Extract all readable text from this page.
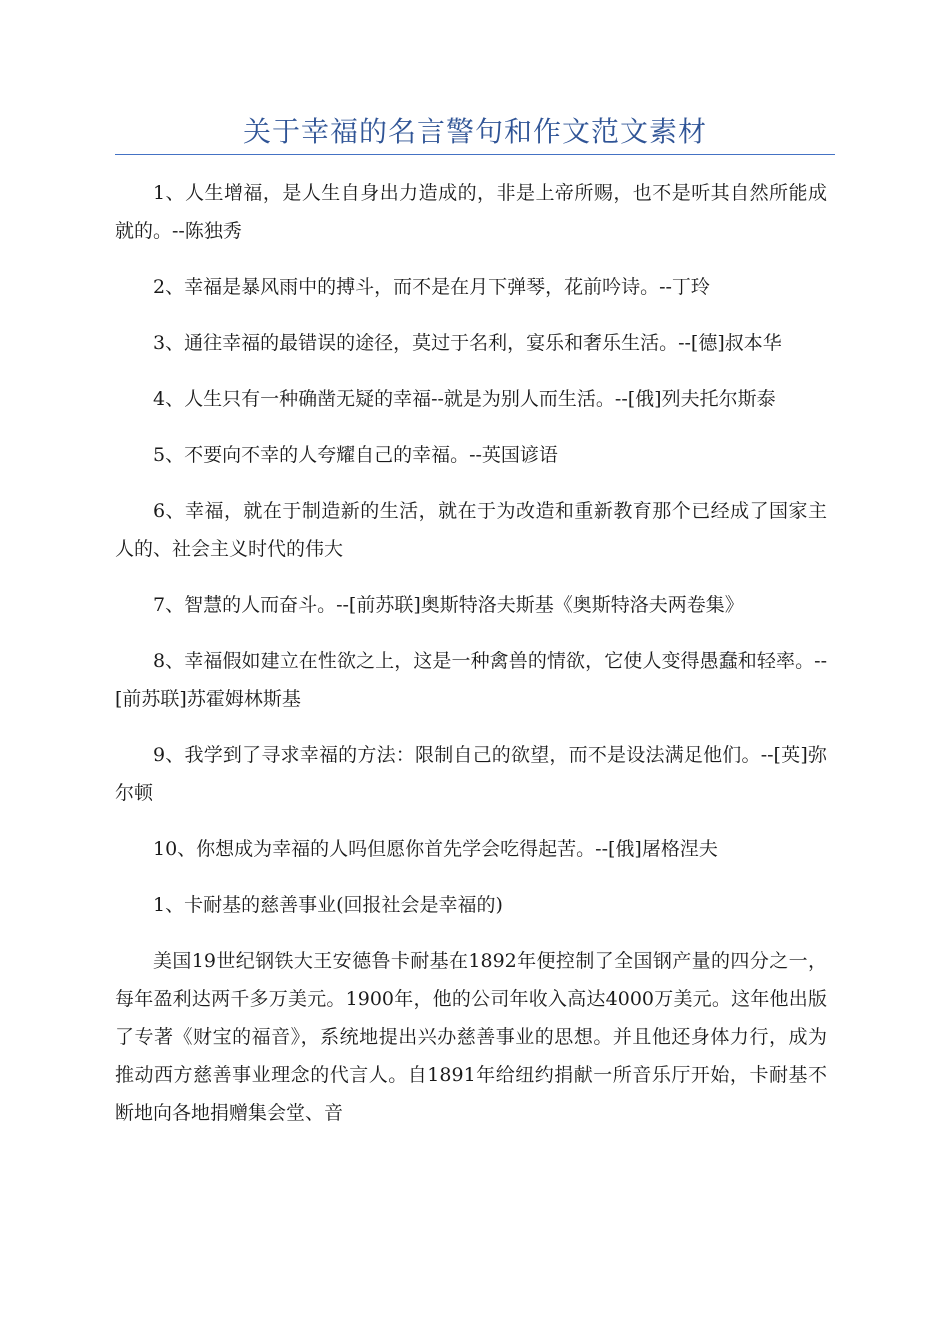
关于幸福的名言警句和作文范文素材

1、人生增福，是人生自身出力造成的，非是上帝所赐，也不是听其自然所能成就的。--陈独秀

2、幸福是暴风雨中的搏斗，而不是在月下弹琴，花前吟诗。--丁玲

3、通往幸福的最错误的途径，莫过于名利，宴乐和奢乐生活。--[德]叔本华

4、人生只有一种确凿无疑的幸福--就是为别人而生活。--[俄]列夫托尔斯泰

5、不要向不幸的人夸耀自己的幸福。--英国谚语

6、幸福，就在于制造新的生活，就在于为改造和重新教育那个已经成了国家主人的、社会主义时代的伟大

7、智慧的人而奋斗。--[前苏联]奥斯特洛夫斯基《奥斯特洛夫两卷集》

8、幸福假如建立在性欲之上，这是一种禽兽的情欲，它使人变得愚蠢和轻率。--[前苏联]苏霍姆林斯基

9、我学到了寻求幸福的方法：限制自己的欲望，而不是设法满足他们。--[英]弥尔顿

10、你想成为幸福的人吗但愿你首先学会吃得起苦。--[俄]屠格涅夫

1、卡耐基的慈善事业(回报社会是幸福的)

美国19世纪钢铁大王安德鲁卡耐基在1892年便控制了全国钢产量的四分之一，每年盈利达两千多万美元。1900年，他的公司年收入高达4000万美元。这年他出版了专著《财宝的福音》，系统地提出兴办慈善事业的思想。并且他还身体力行，成为推动西方慈善事业理念的代言人。自1891年给纽约捐献一所音乐厅开始，卡耐基不断地向各地捐赠集会堂、音
